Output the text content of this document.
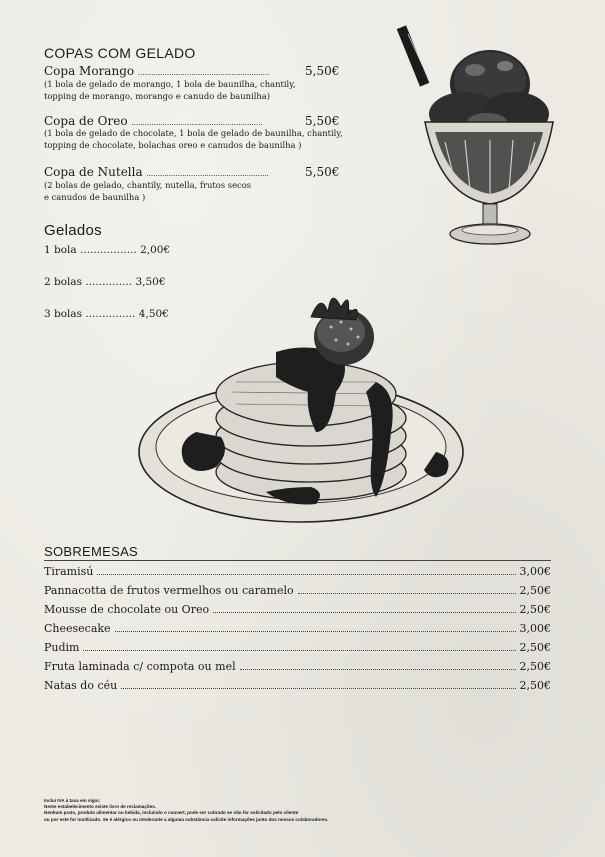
COPAS COM GELADO
Copa Morango ...........................................................	5,50€
(1 bola de gelado de morango, 1 bola de baunilha, chantily,
topping de morango, morango e canudo de baunilha)
Copa de Oreo ...........................................................	5,50€
(1 bola de gelado de chocolate, 1 bola de gelado de baunilha, chantily,
topping de chocolate, bolachas oreo e canudos de baunilha )
Copa de Nutella .......................................................	5,50€
(2 bolas de gelado, chantily, nutella, frutos secos
e canudos de baunilha )
Gelados
1 bola ................. 2,00€
2 bolas .............. 3,50€
3 bolas ............... 4,50€
SOBREMESAS
Tiramisú	3,00€
Pannacotta de frutos vermelhos ou caramelo	2,50€
Mousse de chocolate ou Oreo	2,50€
Cheesecake	3,00€
Pudim	2,50€
Fruta laminada c/ compota ou mel	2,50€
Natas do céu	2,50€
Inclui IVA à taxa em vigor.
Neste estabelecimento existe livro de reclamações.
Nenhum prato, produto alimentar ou bebida, incluindo o couvert, pode ser cobrado se não for solicitado pelo cliente
ou por este for inutilizado. Se é alérgico ou intolerante a alguma substância solicite informações junto dos nossos colaboradores.
